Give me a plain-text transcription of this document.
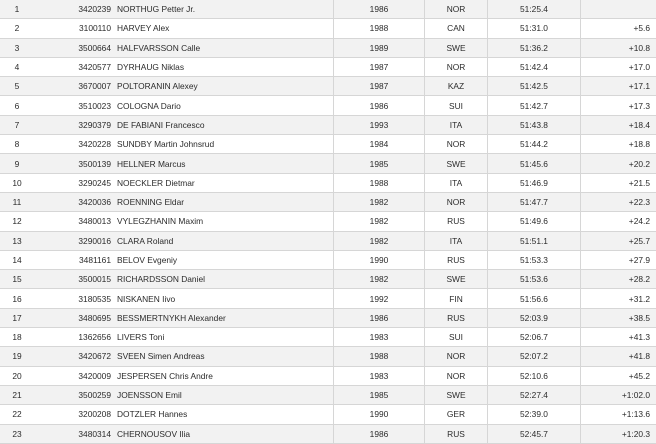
1	3420239	NORTHUG Petter Jr.	1986	NOR	51:25.4	
2	3100110	HARVEY Alex	1988	CAN	51:31.0	+5.6
3	3500664	HALFVARSSON Calle	1989	SWE	51:36.2	+10.8
4	3420577	DYRHAUG Niklas	1987	NOR	51:42.4	+17.0
5	3670007	POLTORANIN Alexey	1987	KAZ	51:42.5	+17.1
6	3510023	COLOGNA Dario	1986	SUI	51:42.7	+17.3
7	3290379	DE FABIANI Francesco	1993	ITA	51:43.8	+18.4
8	3420228	SUNDBY Martin Johnsrud	1984	NOR	51:44.2	+18.8
9	3500139	HELLNER Marcus	1985	SWE	51:45.6	+20.2
10	3290245	NOECKLER Dietmar	1988	ITA	51:46.9	+21.5
11	3420036	ROENNING Eldar	1982	NOR	51:47.7	+22.3
12	3480013	VYLEGZHANIN Maxim	1982	RUS	51:49.6	+24.2
13	3290016	CLARA Roland	1982	ITA	51:51.1	+25.7
14	3481161	BELOV Evgeniy	1990	RUS	51:53.3	+27.9
15	3500015	RICHARDSSON Daniel	1982	SWE	51:53.6	+28.2
16	3180535	NISKANEN Iivo	1992	FIN	51:56.6	+31.2
17	3480695	BESSMERTNYKH Alexander	1986	RUS	52:03.9	+38.5
18	1362656	LIVERS Toni	1983	SUI	52:06.7	+41.3
19	3420672	SVEEN Simen Andreas	1988	NOR	52:07.2	+41.8
20	3420009	JESPERSEN Chris Andre	1983	NOR	52:10.6	+45.2
21	3500259	JOENSSON Emil	1985	SWE	52:27.4	+1:02.0
22	3200208	DOTZLER Hannes	1990	GER	52:39.0	+1:13.6
23	3480314	CHERNOUSOV Ilia	1986	RUS	52:45.7	+1:20.3
